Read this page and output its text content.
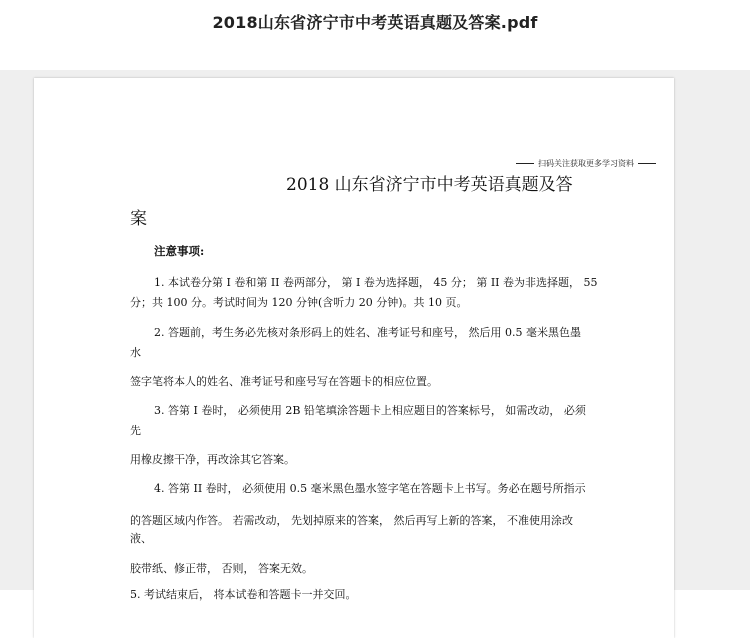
2018山东省济宁市中考英语真题及答案.pdf
扫码关注获取更多学习资料
2018 山东省济宁市中考英语真题及答
案
注意事项:
1. 本试卷分第 I 卷和第 II 卷两部分， 第 I 卷为选择题， 45 分； 第 II 卷为非选择题， 55
分；共 100 分。考试时间为 120 分钟(含听力 20 分钟)。共 10 页。
2. 答题前，考生务必先核对条形码上的姓名、准考证号和座号， 然后用 0.5 毫米黑色墨
水
签字笔将本人的姓名、准考证号和座号写在答题卡的相应位置。
3. 答第 I 卷时， 必须使用 2B 铅笔填涂答题卡上相应题目的答案标号， 如需改动， 必须
先
用橡皮擦干净，再改涂其它答案。
4. 答第 II 卷时， 必须使用 0.5 毫米黑色墨水签字笔在答题卡上书写。务必在题号所指示
的答题区域内作答。 若需改动， 先划掉原来的答案， 然后再写上新的答案， 不准使用涂改
液、
胶带纸、修正带， 否则， 答案无效。
5. 考试结束后， 将本试卷和答题卡一并交回。
